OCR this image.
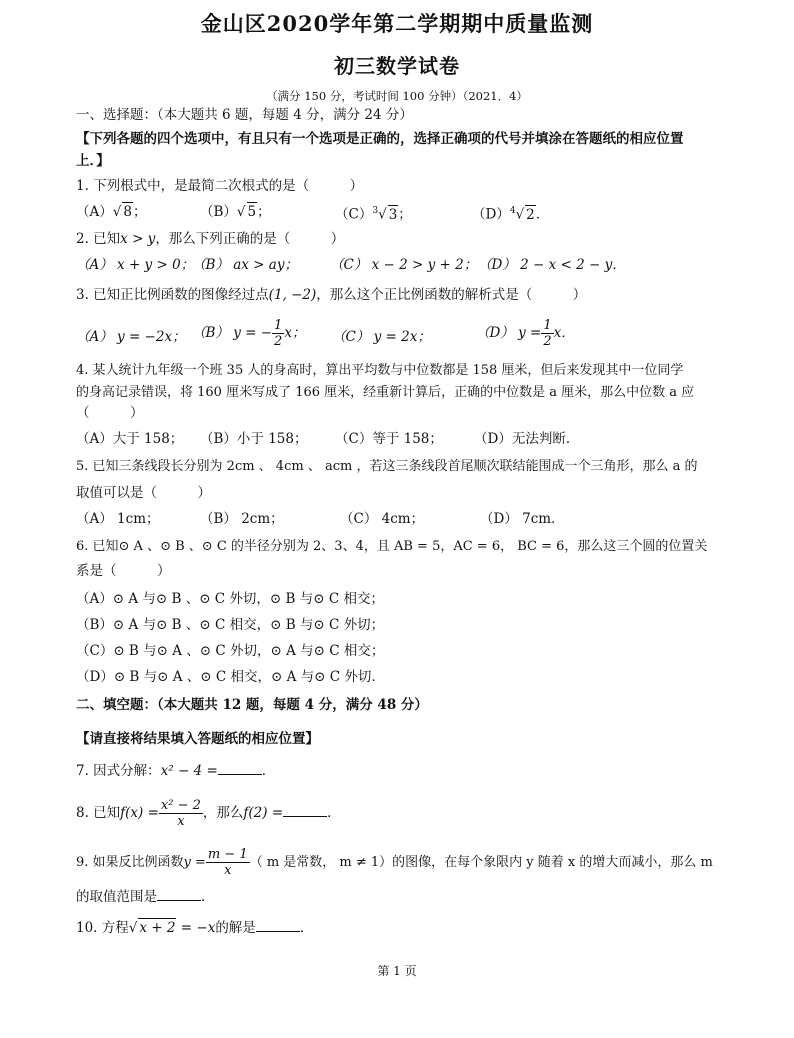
金山区2020学年第二学期期中质量监测
初三数学试卷
（满分 150 分，考试时间 100 分钟）（2021．4）
一、选择题：（本大题共 6 题，每题 4 分，满分 24 分）
【下列各题的四个选项中，有且只有一个选项是正确的，选择正确项的代号并填涂在答题纸的相应位置
上．】
1. 下列根式中，是最简二次根式的是（　　　）
（A）√ 8；	（B）√ 5；	$(C)^3√$ 3；	$(D)^4√$ 2．
2. 已知x > y，那么下列正确的是（　　　）
（A） x + y > 0；
（B） ax > ay； （C） x − 2 > y + 2； （D） 2 − x < 2 − y．
3. 已知正比例函数的图像经过点(1, −2)，那么这个正比例函数的解析式是（　　　）
（A） y = −2x； （B） y = − $\frac{1}{2}$ x； （C） y = 2x；	（D） $y = \frac{1}{2}$ x．
4. 某人统计九年级一个班 35 人的身高时，算出平均数与中位数都是 158 厘米，但后来发现其中一位同学
的身高记录错误，将 160 厘米写成了 166 厘米，经重新计算后，正确的中位数是 a 厘米，那么中位数 a 应
（　　　）
（A）大于 158； （B）小于 158； （C）等于 158； （D）无法判断．
5. 已知三条线段长分别为 2cm 、 4cm 、 acm ，若这三条线段首尾顺次联结能围成一个三角形，那么 a 的
取值可以是（　　　）
（A） 1cm；	（B） 2cm；	（C） 4cm；	（D） 7cm．
6. 已知⊙ A 、⊙ B 、⊙ C 的半径分别为 2、3、4，且 AB = 5，AC = 6， BC = 6，那么这三个圆的位置关
系是（　　　）
（A）⊙ A 与⊙ B 、⊙ C 外切，⊙ B 与⊙ C 相交；
（B）⊙ A 与⊙ B 、⊙ C 相交，⊙ B 与⊙ C 外切；
（C）⊙ B 与⊙ A 、⊙ C 外切，⊙ A 与⊙ C 相交；
（D）⊙ B 与⊙ A 、⊙ C 相交，⊙ A 与⊙ C 外切．
二、填空题：（本大题共 12 题，每题 4 分，满分 48 分）
【请直接将结果填入答题纸的相应位置】
7. 因式分解：x² − 4 =	．
8. 已知$f(x) = \frac{\text{x² − 2}}{x}$ ，那么f(2) =	．
9. 如果反比例函数$y = \frac{m - 1}{x}$ （ m 是常数， m ≠ 1）的图像，在每个象限内 y 随着 x 的增大而减小，那么 m
的取值范围是	．
10. 方程√ x + 2 = −x的解是	．
第 1 页
